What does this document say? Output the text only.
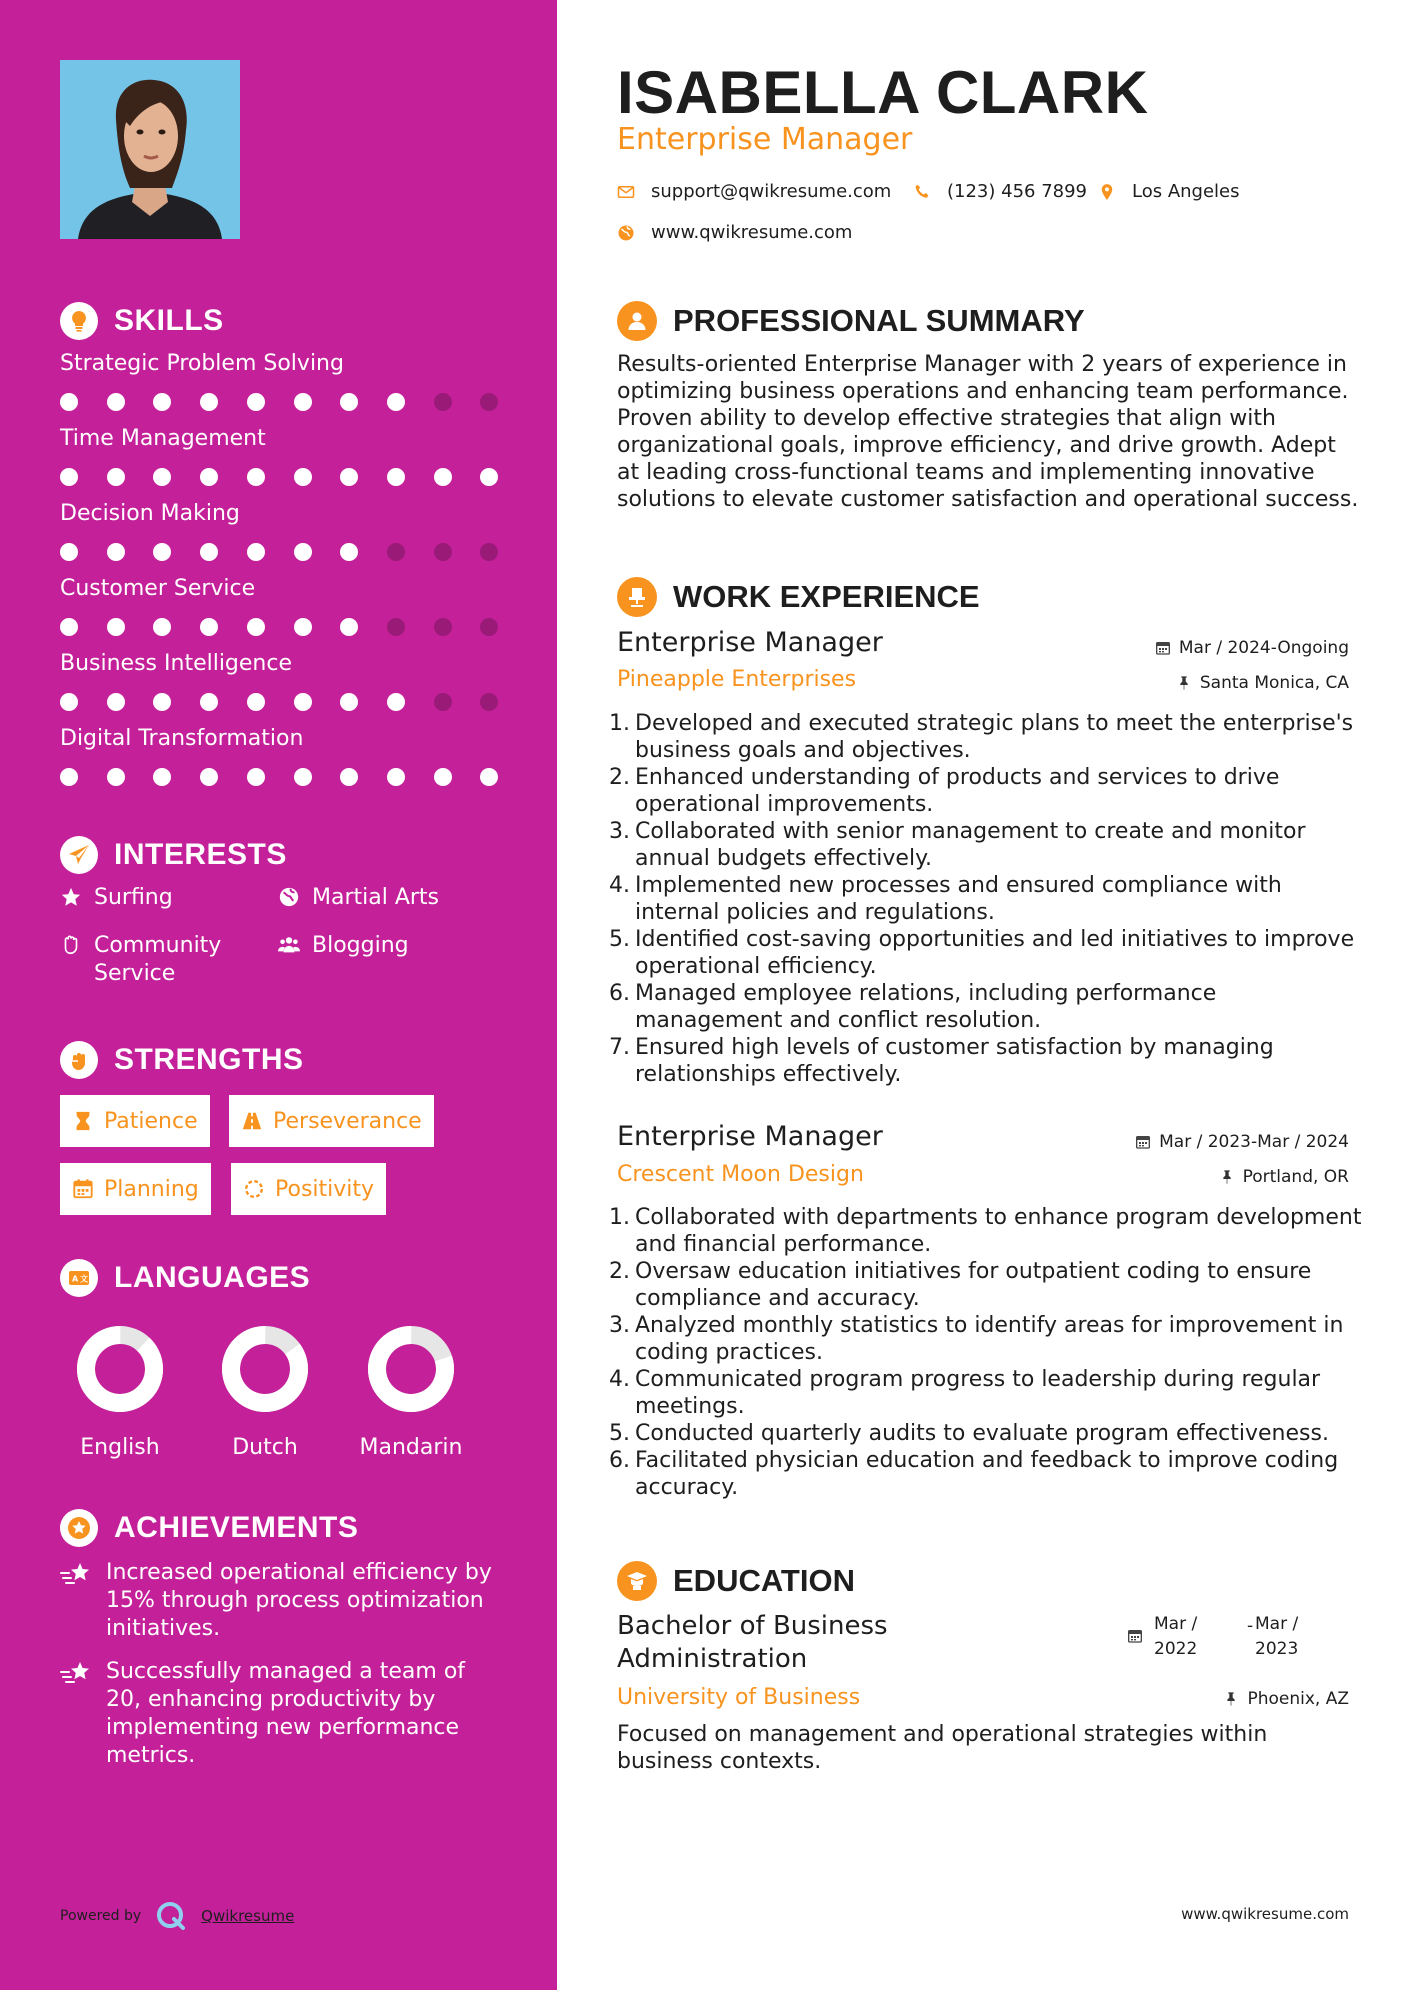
SKILLS
Strategic Problem Solving
Time Management
Decision Making
Customer Service
Business Intelligence
Digital Transformation
INTERESTS
Surfing	Martial Arts
Community Service
Blogging
STRENGTHS
Patience	Perseverance
Planning	Positivity
A 文 LANGUAGES
English	Dutch	Mandarin
ACHIEVEMENTS
Increased operational efficiency by 15% through process optimization initiatives.
Successfully managed a team of 20, enhancing productivity by implementing new performance metrics.
Powered by	Qwikresume
ISABELLA CLARK
Enterprise Manager
support@qwikresume.com	(123) 456 7899 Los Angeles
www.qwikresume.com
PROFESSIONAL SUMMARY
Results-oriented Enterprise Manager with 2 years of experience in optimizing business operations and enhancing team performance. Proven ability to develop effective strategies that align with organizational goals, improve efficiency, and drive growth. Adept at leading cross-functional teams and implementing innovative solutions to elevate customer satisfaction and operational success.
WORK EXPERIENCE
Enterprise Manager	Mar / 2024-Ongoing
Pineapple Enterprises	Santa Monica, CA
Developed and executed strategic plans to meet the enterprise's business goals and objectives.
Enhanced understanding of products and services to drive operational improvements.
Collaborated with senior management to create and monitor annual budgets effectively.
Implemented new processes and ensured compliance with internal policies and regulations.
Identified cost-saving opportunities and led initiatives to improve operational efficiency.
Managed employee relations, including performance management and conflict resolution.
Ensured high levels of customer satisfaction by managing relationships effectively.
Enterprise Manager	Mar / 2023-Mar / 2024
Crescent Moon Design	Portland, OR
Collaborated with departments to enhance program development and financial performance.
Oversaw education initiatives for outpatient coding to ensure compliance and accuracy.
Analyzed monthly statistics to identify areas for improvement in coding practices.
Communicated program progress to leadership during regular meetings.
Conducted quarterly audits to evaluate program effectiveness.
Facilitated physician education and feedback to improve coding accuracy.
EDUCATION
Bachelor of Business Administration
Mar /
2022
- Mar /
2023
University of Business	Phoenix, AZ
Focused on management and operational strategies within business contexts.
www.qwikresume.com
